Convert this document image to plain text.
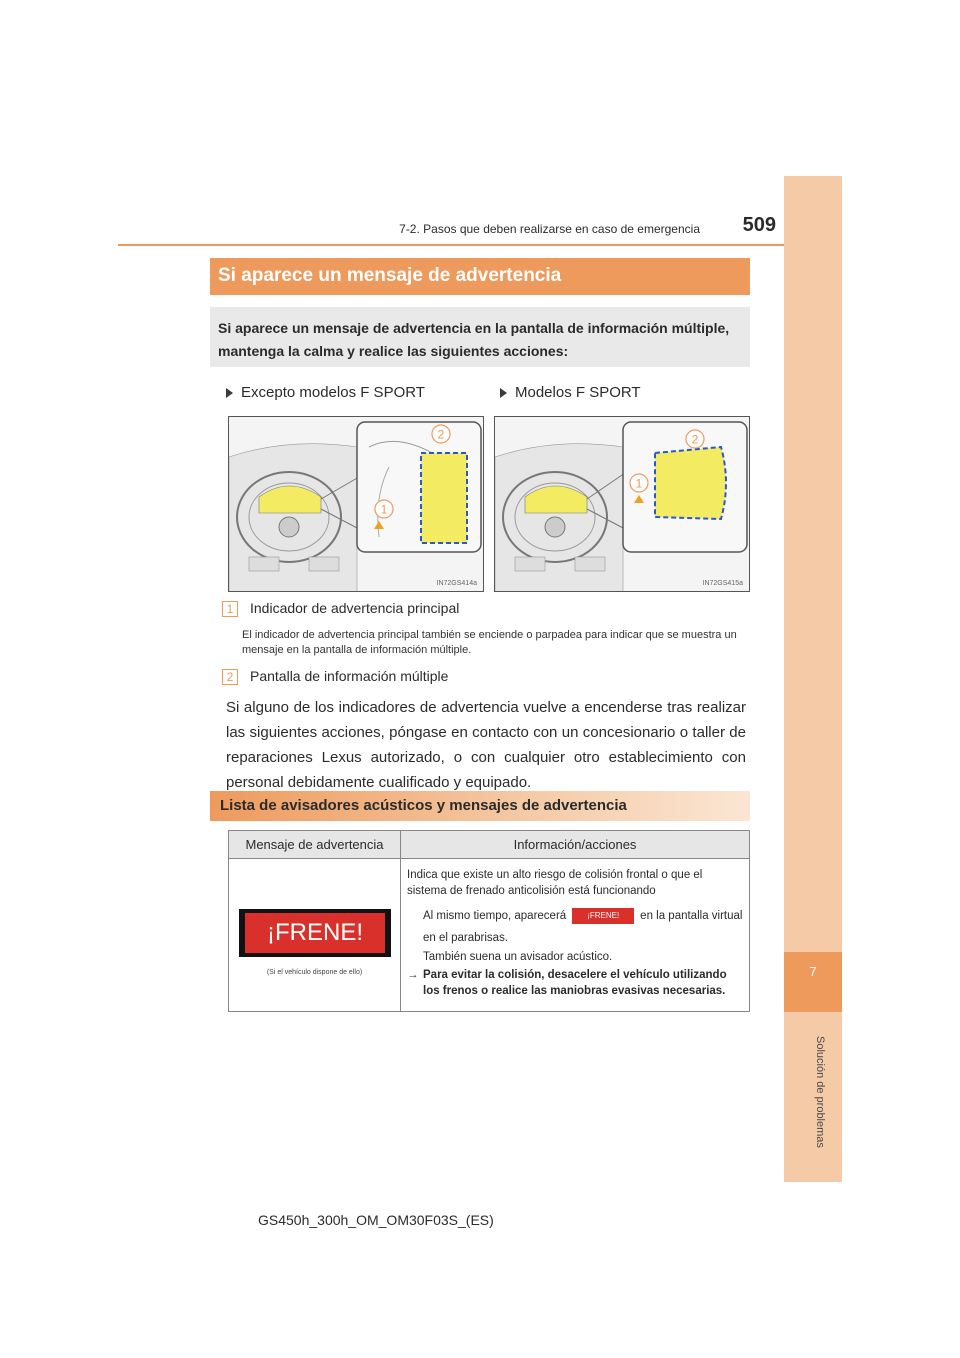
7
Solución de problemas
7-2. Pasos que deben realizarse en caso de emergencia	509
Si aparece un mensaje de advertencia
Si aparece un mensaje de advertencia en la pantalla de información múltiple, mantenga la calma y realice las siguientes acciones:
Excepto modelos F SPORT	Modelos F SPORT
2
1
IN72GS414a
2
1
IN72GS415a
1 Indicador de advertencia principal
El indicador de advertencia principal también se enciende o parpadea para indicar que se muestra un mensaje en la pantalla de información múltiple.
2 Pantalla de información múltiple
Si alguno de los indicadores de advertencia vuelve a encenderse tras realizar las siguientes acciones, póngase en contacto con un concesionario o taller de reparaciones Lexus autorizado, o con cualquier otro establecimiento con personal debidamente cualificado y equipado.
Lista de avisadores acústicos y mensajes de advertencia
Mensaje de advertencia	Información/acciones
¡FRENE!
(Si el vehículo dispone de ello)
Indica que existe un alto riesgo de colisión frontal o que el sistema de frenado anticolisión está funcionando
Al mismo tiempo, aparecerá	¡FRENE! en la pantalla virtual en el parabrisas.
También suena un avisador acústico.
→ Para evitar la colisión, desacelere el vehículo utilizando los frenos o realice las maniobras evasivas necesarias.
GS450h_300h_OM_OM30F03S_(ES)
